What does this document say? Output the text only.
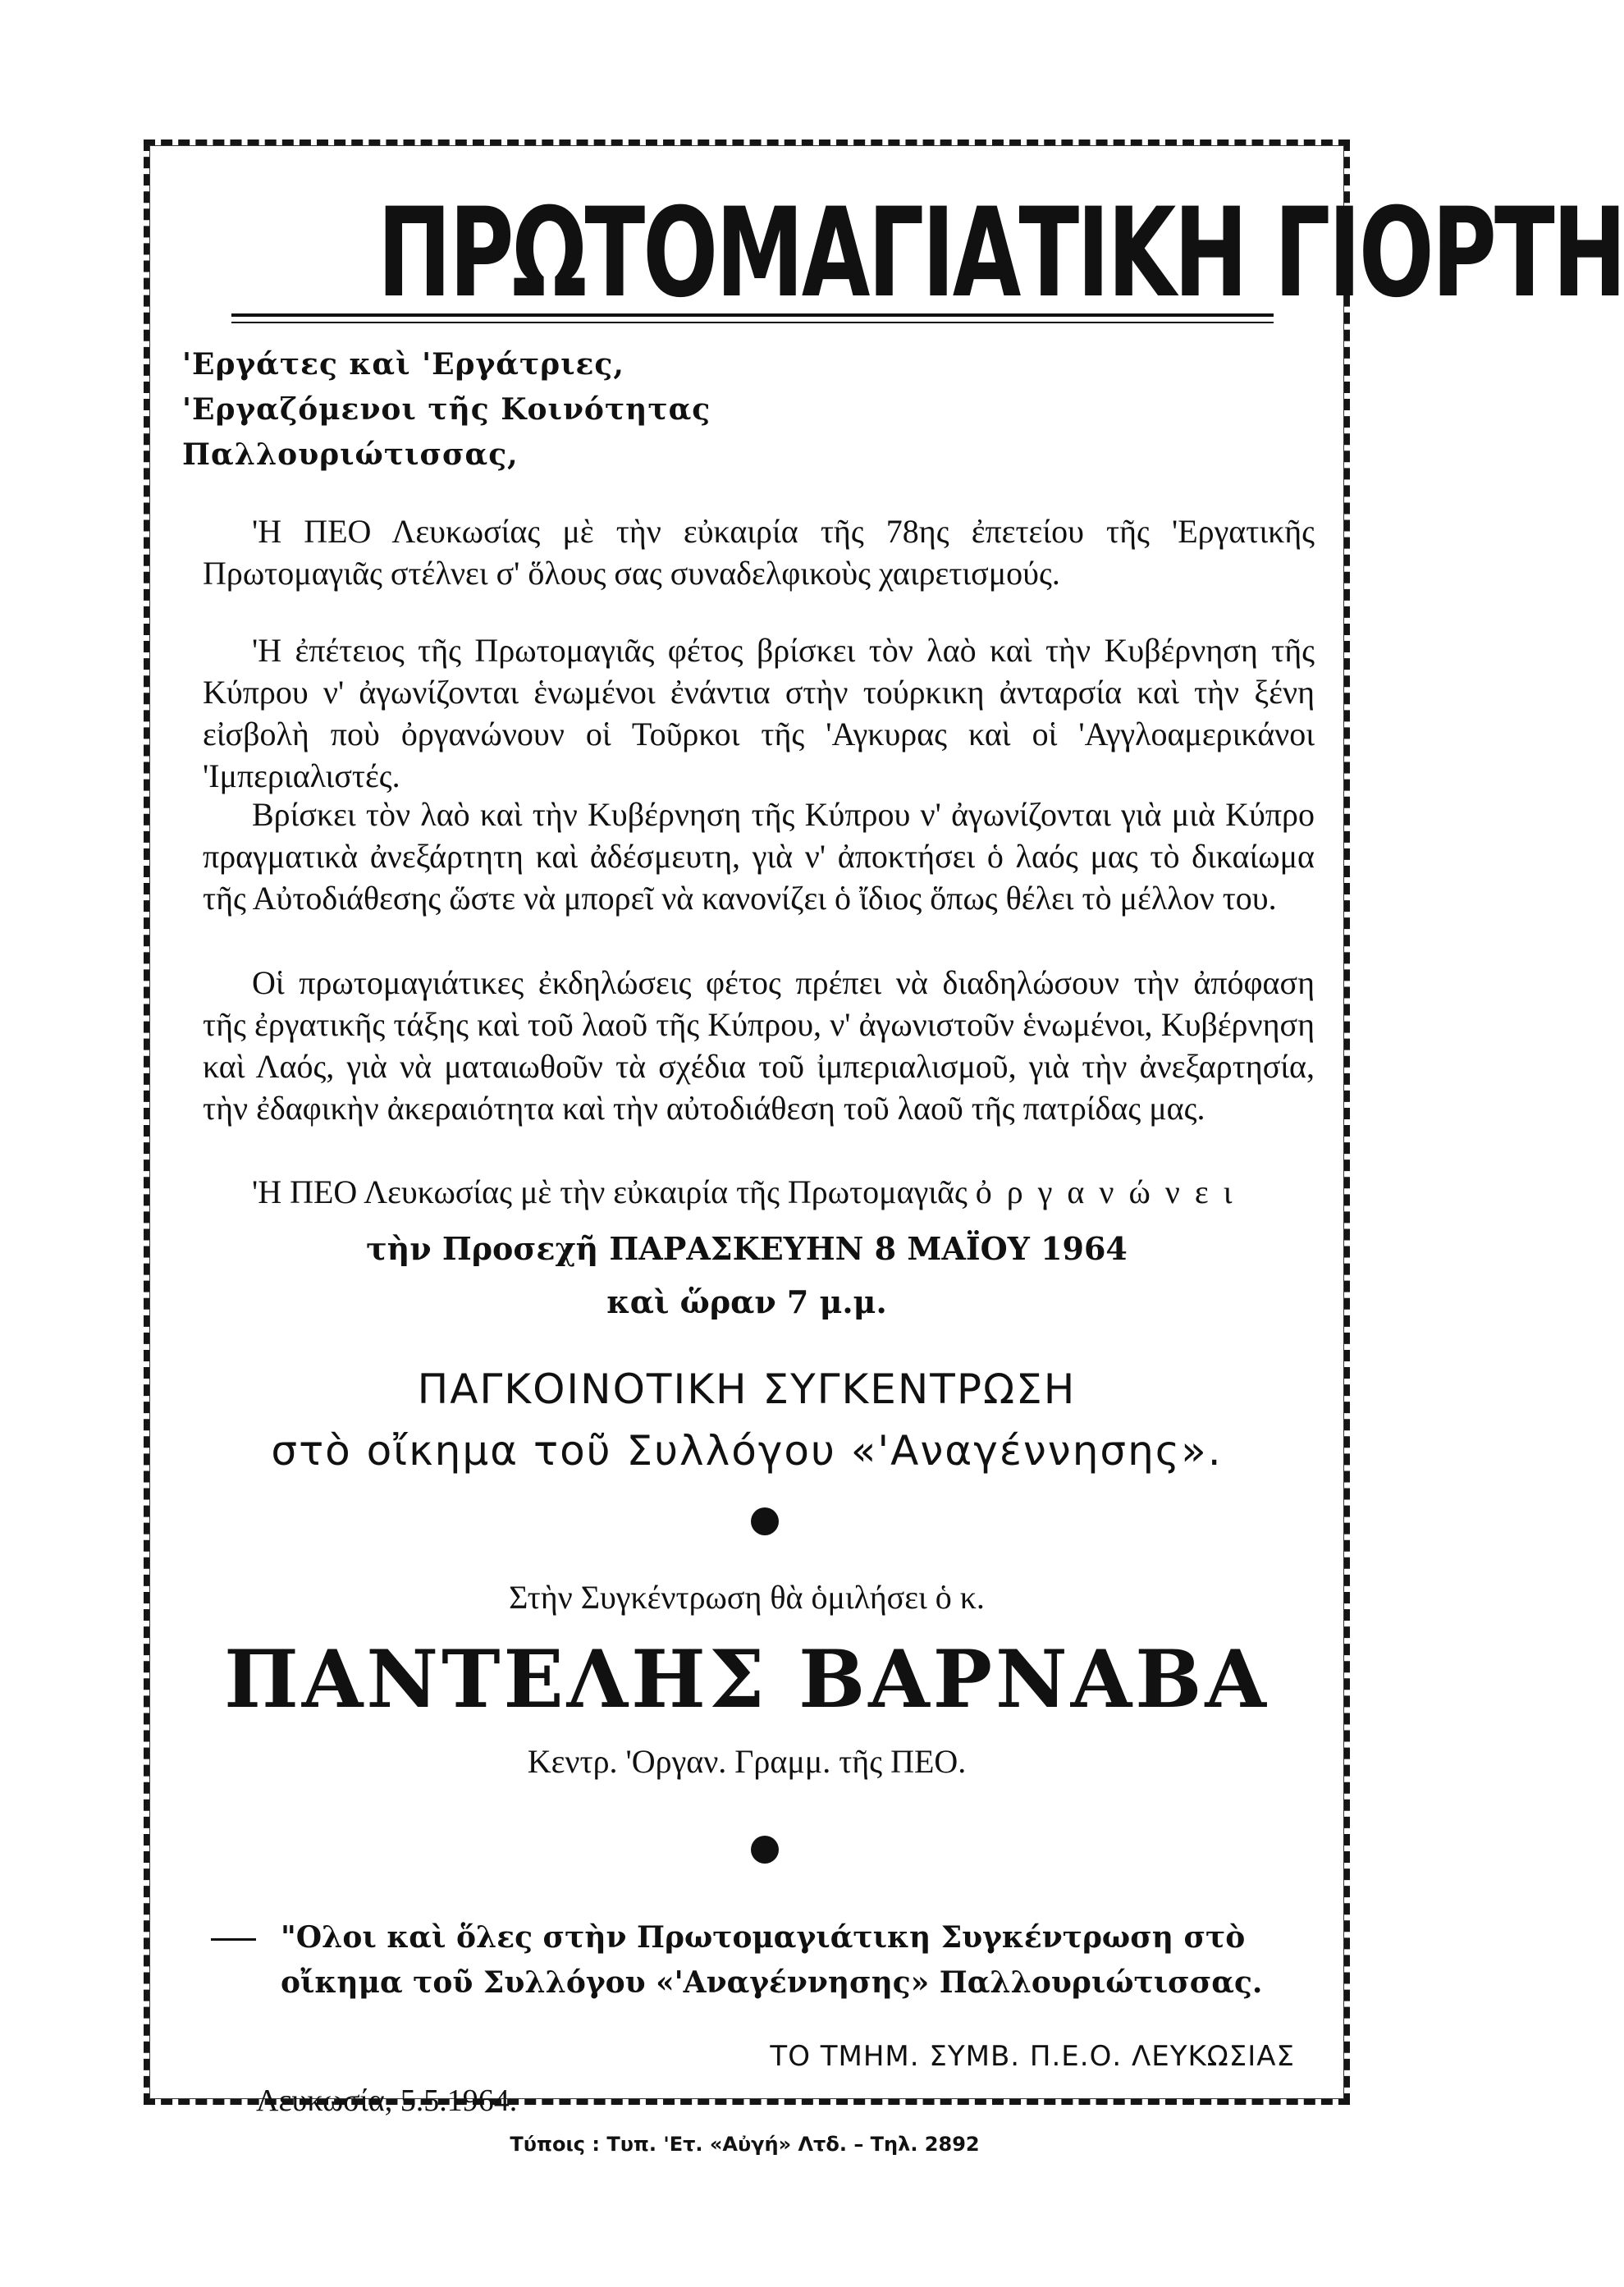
ΠΡΩΤΟΜΑΓΙΑΤΙΚΗ ΓΙΟΡΤΗ
'Εργάτες καὶ 'Εργάτριες,
'Εργαζόμενοι τῆς Κοινότητας
Παλλουριώτισσας,
'Η ΠΕΟ Λευκωσίας μὲ τὴν εὐκαιρία τῆς 78ης ἐπετείου τῆς 'Εργατικῆς Πρωτομαγιᾶς στέλνει σ' ὅλους σας συναδελφικοὺς χαιρετισμούς.
'Η ἐπέτειος τῆς Πρωτομαγιᾶς φέτος βρίσκει τὸν λαὸ καὶ τὴν Κυβέρνηση τῆς Κύπρου ν' ἀγωνίζονται ἑνωμένοι ἐνάντια στὴν τούρκικη ἀνταρσία καὶ τὴν ξένη εἰσβολὴ ποὺ ὀργανώνουν οἱ Τοῦρκοι τῆς 'Αγκυρας καὶ οἱ 'Αγγλοαμερικάνοι 'Ιμπεριαλιστές.
Βρίσκει τὸν λαὸ καὶ τὴν Κυβέρνηση τῆς Κύπρου ν' ἀγωνίζονται γιὰ μιὰ Κύπρο πραγματικὰ ἀνεξάρτητη καὶ ἀδέσμευτη, γιὰ ν' ἀποκτήσει ὁ λαός μας τὸ δικαίωμα τῆς Αὐτοδιάθεσης ὥστε νὰ μπορεῖ νὰ κανονίζει ὁ ἴδιος ὅπως θέλει τὸ μέλλον του.
Οἱ πρωτομαγιάτικες ἐκδηλώσεις φέτος πρέπει νὰ διαδηλώσουν τὴν ἀπόφαση τῆς ἐργατικῆς τάξης καὶ τοῦ λαοῦ τῆς Κύπρου, ν' ἀγωνιστοῦν ἑνωμένοι, Κυβέρνηση καὶ Λαός, γιὰ νὰ ματαιωθοῦν τὰ σχέδια τοῦ ἰμπεριαλισμοῦ, γιὰ τὴν ἀνεξαρτησία, τὴν ἐδαφικὴν ἀκεραιότητα καὶ τὴν αὐτοδιάθεση τοῦ λαοῦ τῆς πατρίδας μας.
'Η ΠΕΟ Λευκωσίας μὲ τὴν εὐκαιρία τῆς Πρωτομαγιᾶς ὀ ρ γ α ν ώ ν ε ι
τὴν Προσεχῆ ΠΑΡΑΣΚΕΥΗΝ 8 ΜΑΪΟΥ 1964
καὶ ὥραν 7 μ.μ.
ΠΑΓΚΟΙΝΟΤΙΚΗ ΣΥΓΚΕΝΤΡΩΣΗ
στὸ οἴκημα τοῦ Συλλόγου «'Αναγέννησης».
Στὴν Συγκέντρωση θὰ ὁμιλήσει ὁ κ.
ΠΑΝΤΕΛΗΣ ΒΑΡΝΑΒΑ
Κεντρ. 'Οργαν. Γραμμ. τῆς ΠΕΟ.
"Ολοι καὶ ὅλες στὴν Πρωτομαγιάτικη Συγκέντρωση στὸ
οἴκημα τοῦ Συλλόγου «'Αναγέννησης» Παλλουριώτισσας.
ΤΟ ΤΜΗΜ. ΣΥΜΒ. Π.Ε.Ο. ΛΕΥΚΩΣΙΑΣ
Λευκωσία, 5.5.1964.
Τύποις : Τυπ. 'Ετ. «Αὐγή» Λτδ. – Τηλ. 2892
